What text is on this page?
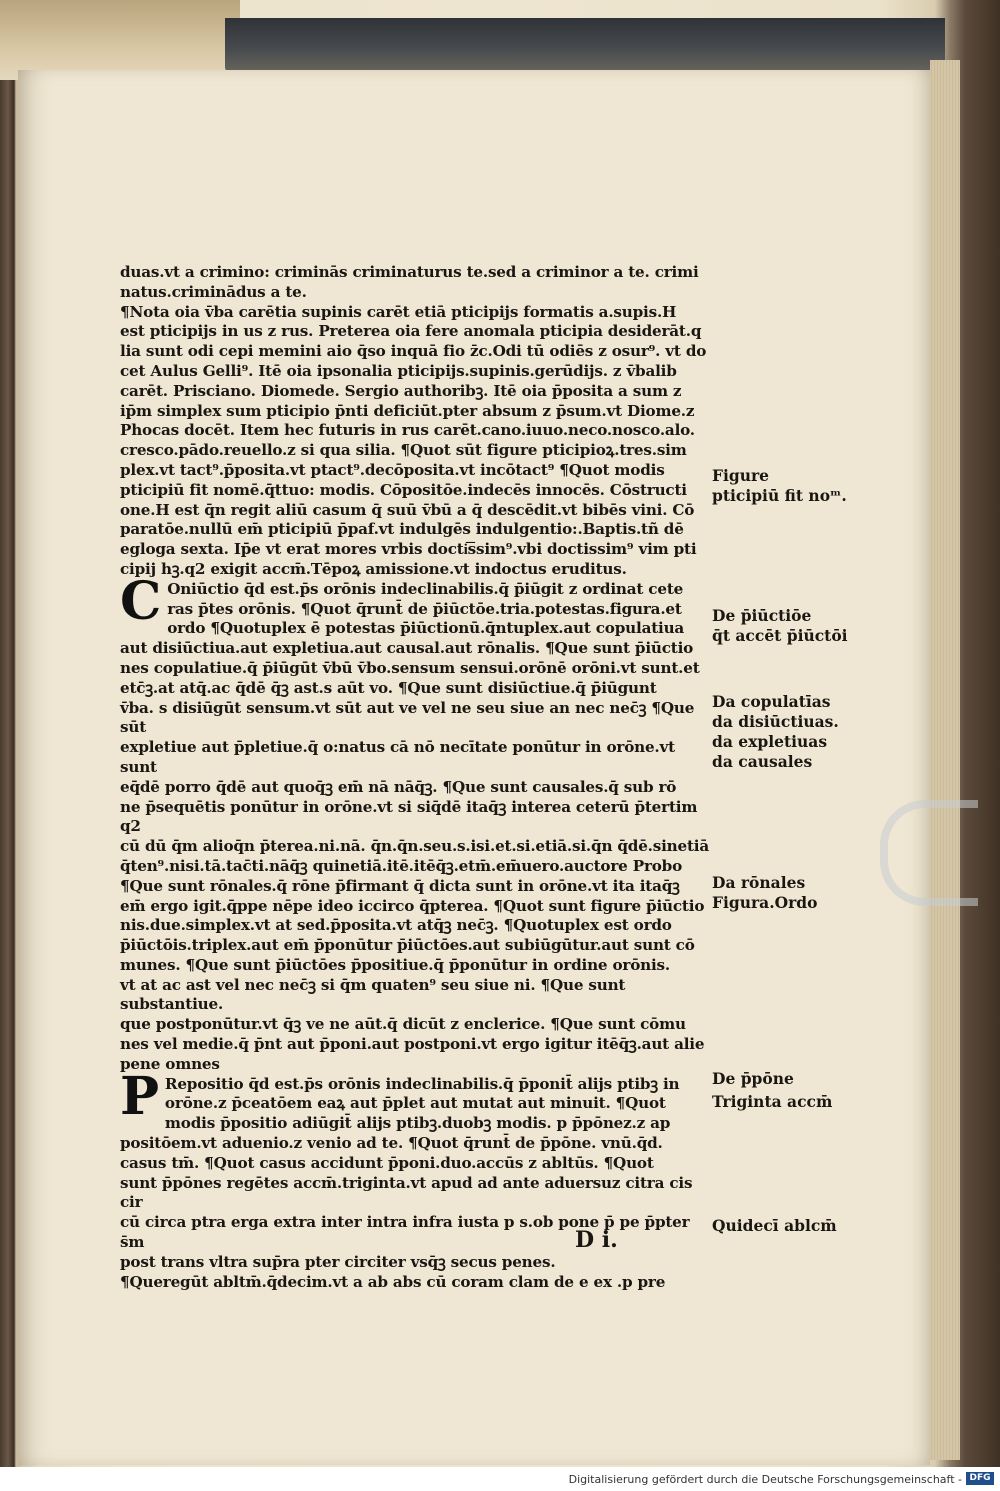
duas.vt a crimino: criminās criminaturus te.sed a criminor a te. crimi

natus.criminādus a te.

¶Nota oia v̄ba carētia supinis carēt etiā pticipijs formatis a.supis.H

est pticipijs in us z rus. Preterea oia fere anomala pticipia desiderāt.q

lia sunt odi cepi memini aio q̄so inquā fio z̄c.Odi tū odiēs z osur⁹. vt do

cet Aulus Gelli⁹. Itē oia ipsonalia pticipijs.supinis.gerūdijs. z v̄balib

carēt. Prisciano. Diomede. Sergio authoribꝫ. Itē oia p̄posita a sum z

ip̄m simplex sum pticipio p̄nti deficiūt.pter absum z p̄sum.vt Diome.z

Phocas docēt. Item hec futuris in rus carēt.cano.iuuo.neco.nosco.alo.

cresco.pādo.reuello.z si qua silia. ¶Quot sūt figure pticipioꝝ.tres.sim

plex.vt tact⁹.p̄posita.vt ptact⁹.decōposita.vt incōtact⁹ ¶Quot modis

pticipiū fit nomē.q̄ttuo: modis. Cōpositōe.indecēs innocēs. Cōstructi

one.H est q̄n regit aliū casum q̄ suū v̄bū a q̄ descēdit.vt bibēs vini. Cō

paratōe.nullū em̄ pticipiū p̄paf.vt indulgēs indulgentio:.Baptis.tñ dē

egloga sexta. Ip̄e vt erat mores vrbis docti͞ssim⁹.vbi doctissim⁹ vim pti

cipij hꝫ.q2 exigit accm̄.Tēpoꝝ amissione.vt indoctus eruditus.

C Oniūctio q̄d est.p̄s orōnis indeclinabilis.q̄ p̄iūgit z ordinat cete

ras p̄tes orōnis. ¶Quot q̄runt̄ de p̄iūctōe.tria.potestas.figura.et

ordo ¶Quotuplex ē potestas p̄iūctionū.q̄ntuplex.aut copulatiua

aut disiūctiua.aut expletiua.aut causal.aut rōnalis. ¶Que sunt p̄iūctio

nes copulatiue.q̄ p̄iūgūt v̄bū v̄bo.sensum sensui.orōnē orōni.vt sunt.et

etc̄ꝫ.at atq̄.ac q̄dē q̄ꝫ ast.s aūt vo. ¶Que sunt disiūctiue.q̄ p̄iūgunt

v̄ba. s disiūgūt sensum.vt sūt aut ve vel ne seu siue an nec nec̄ꝫ ¶Que sūt

expletiue aut p̄pletiue.q̄ o:natus cā nō necītate ponūtur in orōne.vt sunt

eq̄dē porro q̄dē aut quoq̄ꝫ em̄ nā nāq̄ꝫ. ¶Que sunt causales.q̄ sub rō

ne p̄sequētis ponūtur in orōne.vt si siq̄dē itaq̄ꝫ interea ceterū p̄tertim q2

cū dū q̄m alioq̄n p̄terea.ni.nā. q̄n.q̄n.seu.s.isi.et.si.etiā.si.q̄n q̄dē.sinetiā

q̄ten⁹.nisi.tā.tac̄ti.nāq̄ꝫ quinetiā.itē.itēq̄ꝫ.etm̄.em̄uero.auctore Probo

¶Que sunt rōnales.q̄ rōne p̄firmant q̄ dicta sunt in orōne.vt ita itaq̄ꝫ

em̄ ergo igit.q̄ppe nēpe ideo iccirco q̄pterea. ¶Quot sunt figure p̄iūctio

nis.due.simplex.vt at sed.p̄posita.vt atq̄ꝫ nec̄ꝫ. ¶Quotuplex est ordo

p̄iūctōis.triplex.aut em̄ p̄ponūtur p̄iūctōes.aut subiūgūtur.aut sunt cō

munes. ¶Que sunt p̄iūctōes p̄positiue.q̄ p̄ponūtur in ordine orōnis.

vt at ac ast vel nec nec̄ꝫ si q̄m quaten⁹ seu siue ni. ¶Que sunt substantiue.

que postponūtur.vt q̄ꝫ ve ne aūt.q̄ dicūt z enclerice. ¶Que sunt cōmu

nes vel medie.q̄ p̄nt aut p̄poni.aut postponi.vt ergo igitur itēq̄ꝫ.aut alie

pene omnes

P Repositio q̄d est.p̄s orōnis indeclinabilis.q̄ p̄ponit̄ alijs ptibꝫ in

orōne.z p̄ceatōem eaꝝ aut p̄plet aut mutat aut minuit. ¶Quot

modis p̄positio adiūgit̄ alijs ptibꝫ.duobꝫ modis. p p̄pōnez.z ap

positōem.vt aduenio.z venio ad te. ¶Quot q̄runt̄ de p̄pōne. vnū.q̄d.

casus tm̄. ¶Quot casus accidunt p̄poni.duo.accūs z abltūs. ¶Quot

sunt p̄pōnes regētes accm̄.triginta.vt apud ad ante aduersuz citra cis cir

cū circa ptra erga extra inter intra infra iusta p s.ob pone p̄ pe p̄pter s̄m

post trans vltra sup̄ra pter circiter vsq̄ꝫ secus penes.

¶Queregūt abltm̄.q̄decim.vt a ab abs cū coram clam de e ex .p pre

D i.
Figure
pticipiū fit noᵐ.
De p̄iūctiōe
q̄t accēt p̄iūctōi
Da copulatīas
da disiūctiuas.
da expletiuas
da causales
Da rōnales
Figura.Ordo
De p̄pōne
Triginta accm̄
Quidecī ablcm̄
Digitalisierung gefördert durch die Deutsche Forschungsgemeinschaft - DFG
